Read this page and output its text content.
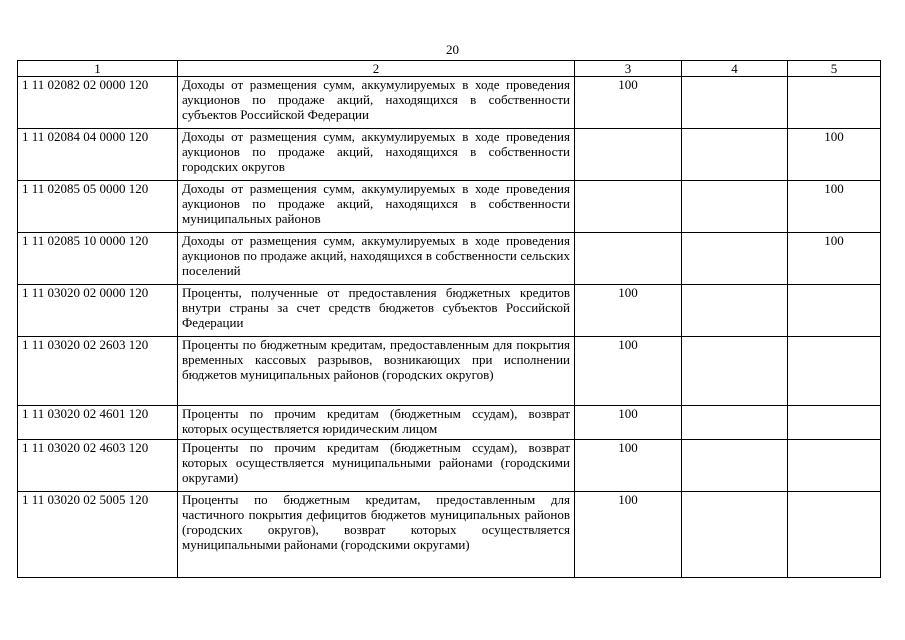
20
1	2	3	4	5
1 11 02082 02 0000 120	Доходы от размещения сумм, аккумулируемых в ходе проведения аукционов по продаже акций, находящихся в собственности субъектов Российской Федерации	100		
1 11 02084 04 0000 120	Доходы от размещения сумм, аккумулируемых в ходе проведения аукционов по продаже акций, находящихся в собственности городских округов			100
1 11 02085 05 0000 120	Доходы от размещения сумм, аккумулируемых в ходе проведения аукционов по продаже акций, находящихся в собственности муниципальных районов			100
1 11 02085 10 0000 120	Доходы от размещения сумм, аккумулируемых в ходе проведения аукционов по продаже акций, находящихся в собственности сельских поселений			100
1 11 03020 02 0000 120	Проценты, полученные от предоставления бюджетных кредитов внутри страны за счет средств бюджетов субъектов Российской Федерации	100		
1 11 03020 02 2603 120	Проценты по бюджетным кредитам, предоставленным для покрытия временных кассовых разрывов, возникающих при исполнении бюджетов муниципальных районов (городских округов)	100		
1 11 03020 02 4601 120	Проценты по прочим кредитам (бюджетным ссудам), возврат которых осуществляется юридическим лицом	100		
1 11 03020 02 4603 120	Проценты по прочим кредитам (бюджетным ссудам), возврат которых осуществляется муниципальными районами (городскими округами)	100		
1 11 03020 02 5005 120	Проценты по бюджетным кредитам, предоставленным для частичного покрытия дефицитов бюджетов муниципальных районов (городских округов), возврат которых осуществляется муниципальными районами (городскими округами)	100		
